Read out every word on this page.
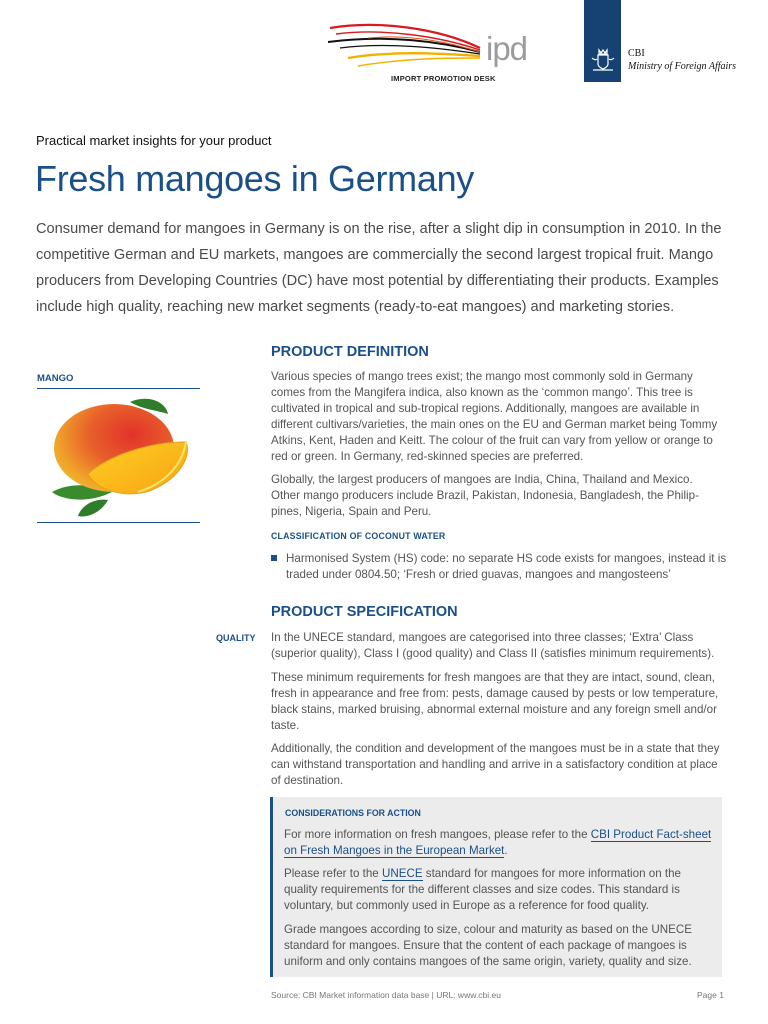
ipd
IMPORT PROMOTION DESK
CBI
Ministry of Foreign Affairs
Practical market insights for your product
Fresh mangoes in Germany

Consumer demand for mangoes in Germany is on the rise, after a slight dip in consumption in 2010. In the competitive German and EU markets, mangoes are commercially the second largest tropical fruit. Mango producers from Developing Countries (DC) have most potential by differentiating their products. Examples include high quality, reaching new market segments (ready-to-eat mangoes) and marketing stories.

MANGO
PRODUCT DEFINITION

Various species of mango trees exist; the mango most commonly sold in Germany comes from the Mangifera indica, also known as the ‘common mango’. This tree is cultivated in tropical and sub-tropical regions. Additionally, mangoes are available in different cultivars/varieties, the main ones on the EU and German market being Tommy Atkins, Kent, Haden and Keitt. The colour of the fruit can vary from yellow or orange to red or green. In Germany, red-skinned species are preferred.

Globally, the largest producers of mangoes are India, China, Thailand and Mexico. Other mango producers include Brazil, Pakistan, Indonesia, Bangladesh, the Philip-pines, Nigeria, Spain and Peru.

CLASSIFICATION OF COCONUT WATER

Harmonised System (HS) code: no separate HS code exists for mangoes, instead it is traded under 0804.50; ‘Fresh or dried guavas, mangoes and mangosteens’

PRODUCT SPECIFICATION
QUALITY In the UNECE standard, mangoes are categorised into three classes; ‘Extra’ Class (superior quality), Class I (good quality) and Class II (satisfies minimum requirements).

These minimum requirements for fresh mangoes are that they are intact, sound, clean, fresh in appearance and free from: pests, damage caused by pests or low temperature, black stains, marked bruising, abnormal external moisture and any foreign smell and/or taste.

Additionally, the condition and development of the mangoes must be in a state that they can withstand transportation and handling and arrive in a satisfactory condition at place of destination.

CONSIDERATIONS FOR ACTION

For more information on fresh mangoes, please refer to the CBI Product Fact-sheet on Fresh Mangoes in the European Market.

Please refer to the UNECE standard for mangoes for more information on the quality requirements for the different classes and size codes. This standard is voluntary, but commonly used in Europe as a reference for food quality.

Grade mangoes according to size, colour and maturity as based on the UNECE standard for mangoes. Ensure that the content of each package of mangoes is uniform and only contains mangoes of the same origin, variety, quality and size.

Source: CBI Market information data base | URL: www.cbi.eu	Page 1
